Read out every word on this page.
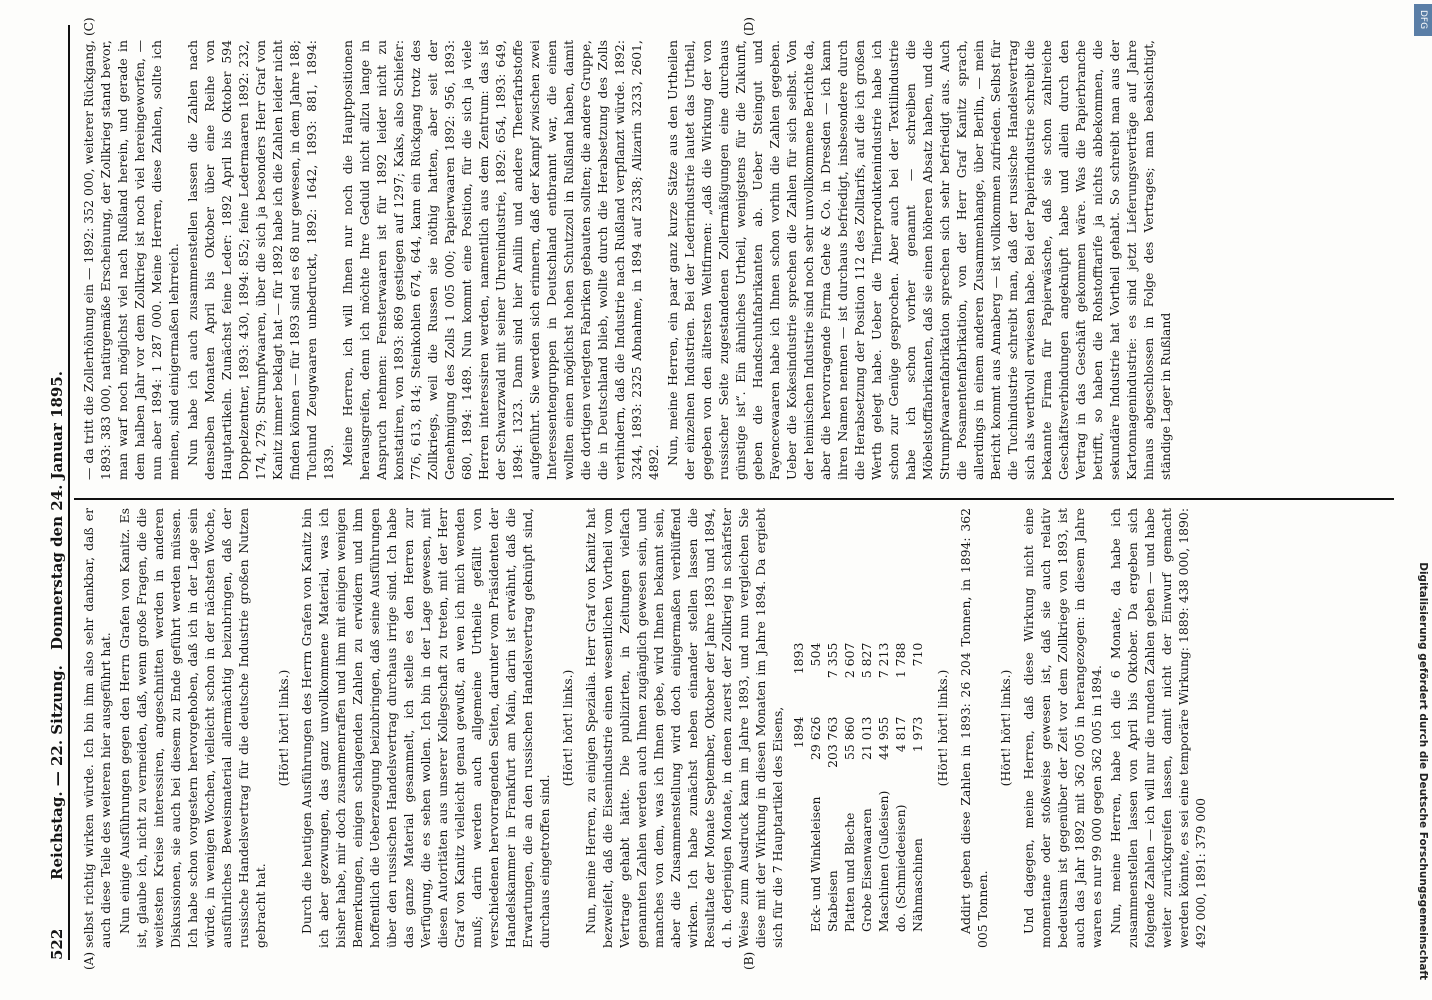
522
Reichstag. — 22. Sitzung.
Donnerstag den 24. Januar 1895.
(A)	(B)
(C)	(D)

selbst richtig wirken würde. Ich bin ihm also sehr dankbar, daß er auch diese Teile des weiteren hier ausgeführt hat. Nun einige Ausführungen gegen den Herrn Grafen von Kanitz. Es ist, glaube ich, nicht zu vermeiden, daß, wenn große Fragen, die die weitesten Kreise interessiren, angeschnitten werden in anderen Diskussionen, sie auch bei diesem zu Ende geführt werden müssen. Ich habe schon vorgestern hervorgehoben, daß ich in der Lage sein würde, in wenigen Wochen, vielleicht schon in der nächsten Woche, ausführliches Beweismaterial allermächtig beizubringen, daß der russische Handelsvertrag für die deutsche Industrie großen Nutzen gebracht hat.

(Hört! hört! links.) Durch die heutigen Ausführungen des Herrn Grafen von Kanitz bin ich aber gezwungen, das ganz unvollkommene Material, was ich bisher habe, mir doch zusammenraffen und ihm mit einigen wenigen Bemerkungen, einigen schlagenden Zahlen zu erwidern und ihm hoffentlich die Ueberzeugung beizubringen, daß seine Ausführungen über den russischen Handelsvertrag durchaus irrige sind. Ich habe das ganze Material gesammelt, ich stelle es den Herren zur Verfügung, die es sehen wollen. Ich bin in der Lage gewesen, mit diesen Autoritäten aus unserer Kollegschaft zu treten, mit der Herr Graf von Kanitz vielleicht genau gewußt, an wen ich mich wenden muß; darin werden auch allgemeine Urtheile gefällt von verschiedenen hervorragenden Seiten, darunter vom Präsidenten der Handelskammer in Frankfurt am Main, darin ist erwähnt, daß die Erwartungen, die an den russischen Handelsvertrag geknüpft sind, durchaus eingetroffen sind.

(Hört! hört! links.) Nun, meine Herren, zu einigen Spezialia. Herr Graf von Kanitz hat bezweifelt, daß die Eisenindustrie einen wesentlichen Vortheil vom Vertrage gehabt hätte. Die publizirten, in Zeitungen vielfach genannten Zahlen werden auch Ihnen zugänglich gewesen sein, und manches von dem, was ich Ihnen gebe, wird Ihnen bekannt sein, aber die Zusammenstellung wird doch einigermaßen verblüffend wirken. Ich habe zunächst neben einander stellen lassen die Resultate der Monate September, Oktober der Jahre 1893 und 1894, d. h. derjenigen Monate, in denen zuerst der Zollkrieg in schärfster Weise zum Ausdruck kam im Jahre 1893, und nun vergleichen Sie diese mit der Wirkung in diesen Monaten im Jahre 1894. Da ergiebt sich für die 7 Hauptartikel des Eisens,

	1894	1893
Eck- und Winkeleisen	29 626	504
Stabeisen	203 763	7 355
Platten und Bleche	55 860	2 607
Grobe Eisenwaaren	21 013	5 827
Maschinen (Gußeisen)	44 955	7 213
do. (Schmiedeeisen)	4 817	1 788
Nähmaschinen	1 973	710

(Hört! hört! links.) Addirt geben diese Zahlen in 1893: 26 204 Tonnen, in 1894: 362 005 Tonnen.

(Hört! hört! links.) Und dagegen, meine Herren, daß diese Wirkung nicht eine momentane oder stoßweise gewesen ist, daß sie auch relativ bedeutsam ist gegenüber der Zeit vor dem Zollkriege von 1893, ist auch das Jahr 1892 mit 362 005 in herangezogen: in diesem Jahre waren es nur 99 000 gegen 362 005 in 1894. Nun, meine Herren, habe ich die 6 Monate, da habe ich zusammenstellen lassen von April bis Oktober. Da ergeben sich folgende Zahlen — ich will nur die runden Zahlen geben — und habe weiter zurückgreifen lassen, damit nicht der Einwurf gemacht werden könnte, es sei eine temporäre Wirkung: 1889: 438 000, 1890: 492 000, 1891: 379 000

— da tritt die Zollerhöhung ein — 1892: 352 000, weiterer Rückgang, 1893: 383 000, natürgemäße Erscheinung, der Zollkrieg stand bevor, man warf noch möglichst viel nach Rußland herein, und gerade in dem halben Jahr vor dem Zollkrieg ist noch viel hereingeworfen, — nun aber 1894: 1 287 000. Meine Herren, diese Zahlen, sollte ich meinen, sind einigermaßen lehrreich. Nun habe ich auch zusammenstellen lassen die Zahlen nach denselben Monaten April bis Oktober über eine Reihe von Hauptartikeln. Zunächst feine Leder: 1892 April bis Oktober 594 Doppelzentner, 1893: 430, 1894: 852; feine Ledermaaren 1892: 232, 174, 279; Strumpfwaaren, über die sich ja besonders Herr Graf von Kanitz immer beklagt hat — für 1892 habe ich die Zahlen leider nicht finden können — für 1893 sind es 68 nur gewesen, in dem Jahre 188; Tuchund Zeugwaaren unbedruckt, 1892: 1642, 1893: 881, 1894: 1839. Meine Herren, ich will Ihnen nur noch die Hauptpositionen herausgreifen, denn ich möchte Ihre Geduld nicht allzu lange in Anspruch nehmen: Fensterwaaren ist für 1892 leider nicht zu konstatiren, von 1893: 869 gestiegen auf 1297; Kaks, also Schiefer: 776, 613, 814; Steinkohlen 674, 644, kann ein Rückgang trotz des Zollkriegs, weil die Russen sie nöthig hatten, aber seit der Genehmigung des Zolls 1 005 000; Papierwaaren 1892: 956, 1893: 680, 1894: 1489. Nun kommt eine Position, für die sich ja viele Herren interessiren werden, namentlich aus dem Zentrum: das ist der Schwarzwald mit seiner Uhrenindustrie, 1892: 654, 1893: 649, 1894: 1323. Dann sind hier Anilin und andere Theerfarbstoffe aufgeführt. Sie werden sich erinnern, daß der Kampf zwischen zwei Interessentengruppen in Deutschland entbrannt war, die einen wollten einen möglichst hohen Schutzzoll in Rußland haben, damit die dortigen verlegten Fabriken gebauten sollten; die andere Gruppe, die in Deutschland blieb, wollte durch die Herabsetzung des Zolls verhindern, daß die Industrie nach Rußland verpflanzt würde. 1892: 3244, 1893: 2325 Abnahme, in 1894 auf 2338; Alizarin 3233, 2601, 4892. Nun, meine Herren, ein paar ganz kurze Sätze aus den Urtheilen der einzelnen Industrien. Bei der Lederindustrie lautet das Urtheil, gegeben von den ältersten Weltfirmen: „daß die Wirkung der von russischer Seite zugestandenen Zollermäßigungen eine durchaus günstige ist“. Ein ähnliches Urtheil, wenigstens für die Zukunft, geben die Handschuhfabrikanten ab. Ueber Steingut und Fayencewaaren habe ich Ihnen schon vorhin die Zahlen gegeben. Ueber die Kokesindustrie sprechen die Zahlen für sich selbst. Von der heimischen Industrie sind noch sehr unvollkommene Berichte da, aber die hervorragende Firma Gehe & Co. in Dresden — ich kann ihren Namen nennen — ist durchaus befriedigt, insbesondere durch die Herabsetzung der Position 112 des Zolltarifs, auf die ich großen Werth gelegt habe. Ueber die Thierproduktenindustrie habe ich schon zur Genüge gesprochen. Aber auch bei der Textilindustrie habe ich schon vorher genannt — schreiben die Möbelstofffabrikanten, daß sie einen höheren Absatz haben, und die Strumpfwaarenfabrikation sprechen sich sehr befriedigt aus. Auch die Posamentenfabrikation, von der Herr Graf Kanitz sprach, allerdings in einem anderen Zusammenhange, über Berlin, — mein Bericht kommt aus Annaberg — ist vollkommen zufrieden. Selbst für die Tuchindustrie schreibt man, daß der russische Handelsvertrag sich als werthvoll erwiesen habe. Bei der Papierindustrie schreibt die bekannte Firma für Papierwäsche, daß sie schon zahlreiche Geschäftsverbindungen angeknüpft habe und allein durch den Vertrag in das Geschäft gekommen wäre. Was die Papierbranche betrifft, so haben die Rohstofftarife ja nichts abbekommen, die sekundäre Industrie hat Vortheil gehabt. So schreibt man aus der Kartonnagenindustrie: es sind jetzt Lieferungsverträge auf Jahre hinaus abgeschlossen in Folge des Vertrages; man beabsichtigt, ständige Lager in Rußland

DFG
Digitalisierung gefördert durch die Deutsche Forschungsgemeinschaft
